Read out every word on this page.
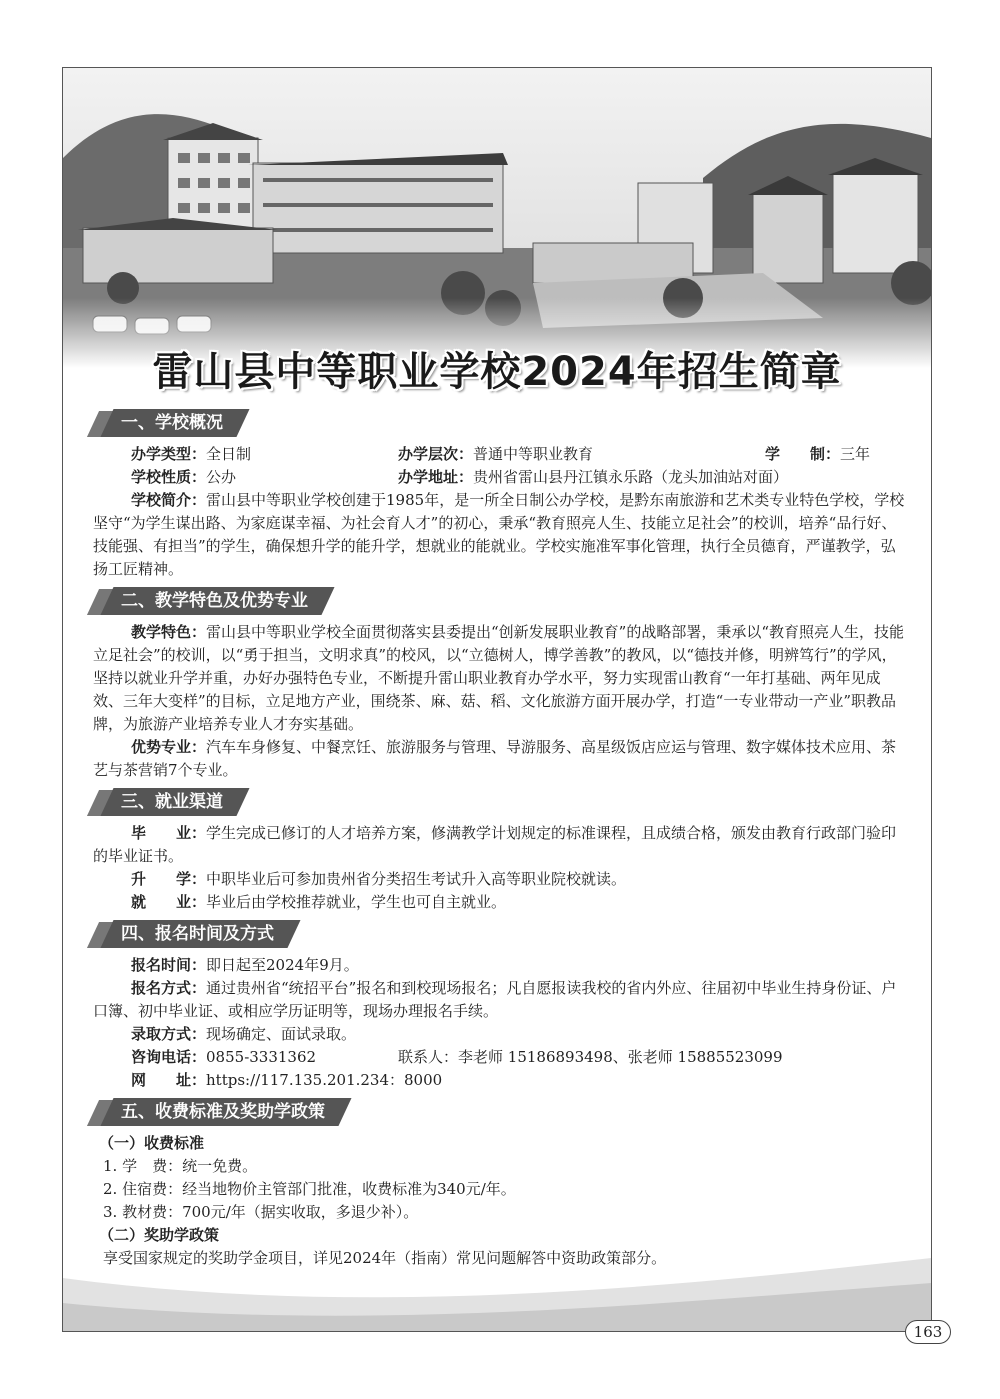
雷山县中等职业学校2024年招生简章
一、学校概况
办学类型：全日制	办学层次：普通中等职业教育	学　　制：三年
学校性质：公办	办学地址：贵州省雷山县丹江镇永乐路（龙头加油站对面）

学校简介：雷山县中等职业学校创建于1985年，是一所全日制公办学校，是黔东南旅游和艺术类专业特色学校，学校坚守“为学生谋出路、为家庭谋幸福、为社会育人才”的初心，秉承“教育照亮人生、技能立足社会”的校训，培养“品行好、技能强、有担当”的学生，确保想升学的能升学，想就业的能就业。学校实施准军事化管理，执行全员德育，严谨教学，弘扬工匠精神。

二、教学特色及优势专业

教学特色：雷山县中等职业学校全面贯彻落实县委提出“创新发展职业教育”的战略部署，秉承以“教育照亮人生，技能立足社会”的校训，以“勇于担当，文明求真”的校风，以“立德树人，博学善教”的教风，以“德技并修，明辨笃行”的学风，坚持以就业升学并重，办好办强特色专业，不断提升雷山职业教育办学水平，努力实现雷山教育“一年打基础、两年见成效、三年大变样”的目标，立足地方产业，围绕茶、麻、菇、稻、文化旅游方面开展办学，打造“一专业带动一产业”职教品牌，为旅游产业培养专业人才夯实基础。

优势专业：汽车车身修复、中餐烹饪、旅游服务与管理、导游服务、高星级饭店应运与管理、数字媒体技术应用、茶艺与茶营销7个专业。

三、就业渠道

毕　　业：学生完成已修订的人才培养方案，修满教学计划规定的标准课程，且成绩合格，颁发由教育行政部门验印的毕业证书。

升　　学：中职毕业后可参加贵州省分类招生考试升入高等职业院校就读。

就　　业：毕业后由学校推荐就业，学生也可自主就业。

四、报名时间及方式

报名时间：即日起至2024年9月。

报名方式：通过贵州省“统招平台”报名和到校现场报名；凡自愿报读我校的省内外应、往届初中毕业生持身份证、户口簿、初中毕业证、或相应学历证明等，现场办理报名手续。

录取方式：现场确定、面试录取。

咨询电话：0855-3331362	联系人：李老师 15186893498、张老师 15885523099
网　　址：https://117.135.201.234：8000
五、收费标准及奖助学政策

（一）收费标准

1. 学　费：统一免费。

2. 住宿费：经当地物价主管部门批准，收费标准为340元/年。

3. 教材费：700元/年（据实收取，多退少补）。

（二）奖助学政策

享受国家规定的奖助学金项目，详见2024年（指南）常见问题解答中资助政策部分。

163
